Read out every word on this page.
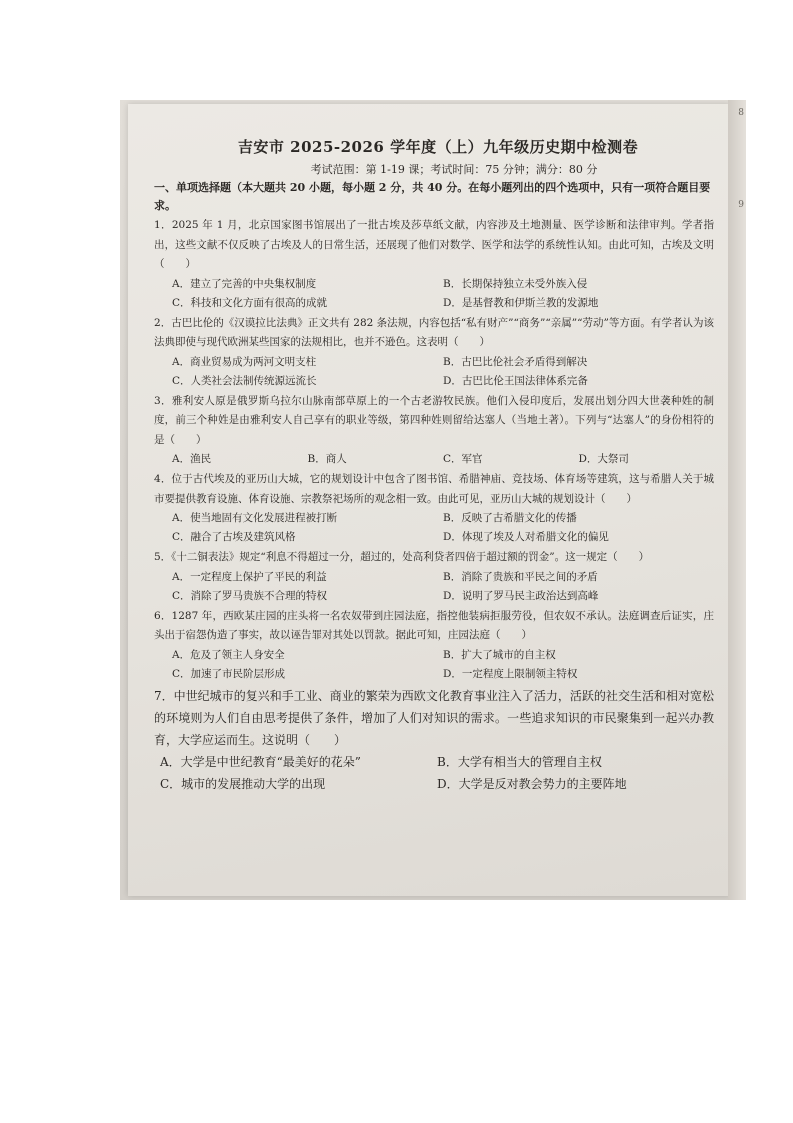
吉安市 2025-2026 学年度（上）九年级历史期中检测卷
考试范围：第 1-19 课；考试时间：75 分钟；满分：80 分
一、单项选择题（本大题共 20 小题，每小题 2 分，共 40 分。在每小题列出的四个选项中，只有一项符合题目要求。
1．2025 年 1 月，北京国家图书馆展出了一批古埃及莎草纸文献，内容涉及土地测量、医学诊断和法律审判。学者指出，这些文献不仅反映了古埃及人的日常生活，还展现了他们对数学、医学和法学的系统性认知。由此可知，古埃及文明（　　）
A．建立了完善的中央集权制度	B．长期保持独立未受外族入侵
C．科技和文化方面有很高的成就	D．是基督教和伊斯兰教的发源地
2．古巴比伦的《汉谟拉比法典》正文共有 282 条法规，内容包括“私有财产”“商务”“亲属”“劳动”等方面。有学者认为该法典即使与现代欧洲某些国家的法规相比，也并不逊色。这表明（　　）
A．商业贸易成为两河文明支柱	B．古巴比伦社会矛盾得到解决
C．人类社会法制传统源远流长	D．古巴比伦王国法律体系完备
3．雅利安人原是俄罗斯乌拉尔山脉南部草原上的一个古老游牧民族。他们入侵印度后，发展出划分四大世袭种姓的制度，前三个种姓是由雅利安人自己享有的职业等级，第四种姓则留给达塞人（当地土著）。下列与“达塞人”的身份相符的是（　　）
A．渔民	B．商人	C．军官	D．大祭司
4．位于古代埃及的亚历山大城，它的规划设计中包含了图书馆、希腊神庙、竞技场、体育场等建筑，这与希腊人关于城市要提供教育设施、体育设施、宗教祭祀场所的观念相一致。由此可见，亚历山大城的规划设计（　　）
A．使当地固有文化发展进程被打断	B．反映了古希腊文化的传播
C．融合了古埃及建筑风格	D．体现了埃及人对希腊文化的偏见
5．《十二铜表法》规定“利息不得超过一分，超过的，处高利贷者四倍于超过额的罚金”。这一规定（　　）
A．一定程度上保护了平民的利益	B．消除了贵族和平民之间的矛盾
C．消除了罗马贵族不合理的特权	D．说明了罗马民主政治达到高峰
6．1287 年，西欧某庄园的庄头将一名农奴带到庄园法庭，指控他装病拒服劳役，但农奴不承认。法庭调查后证实，庄头出于宿怨伪造了事实，故以诬告罪对其处以罚款。据此可知，庄园法庭（　　）
A．危及了领主人身安全	B．扩大了城市的自主权
C．加速了市民阶层形成	D．一定程度上限制领主特权
7．中世纪城市的复兴和手工业、商业的繁荣为西欧文化教育事业注入了活力，活跃的社交生活和相对宽松的环境则为人们自由思考提供了条件，增加了人们对知识的需求。一些追求知识的市民聚集到一起兴办教育，大学应运而生。这说明（　　）
A．大学是中世纪教育“最美好的花朵”	B．大学有相当大的管理自主权
C．城市的发展推动大学的出现	D．大学是反对教会势力的主要阵地
8
9
